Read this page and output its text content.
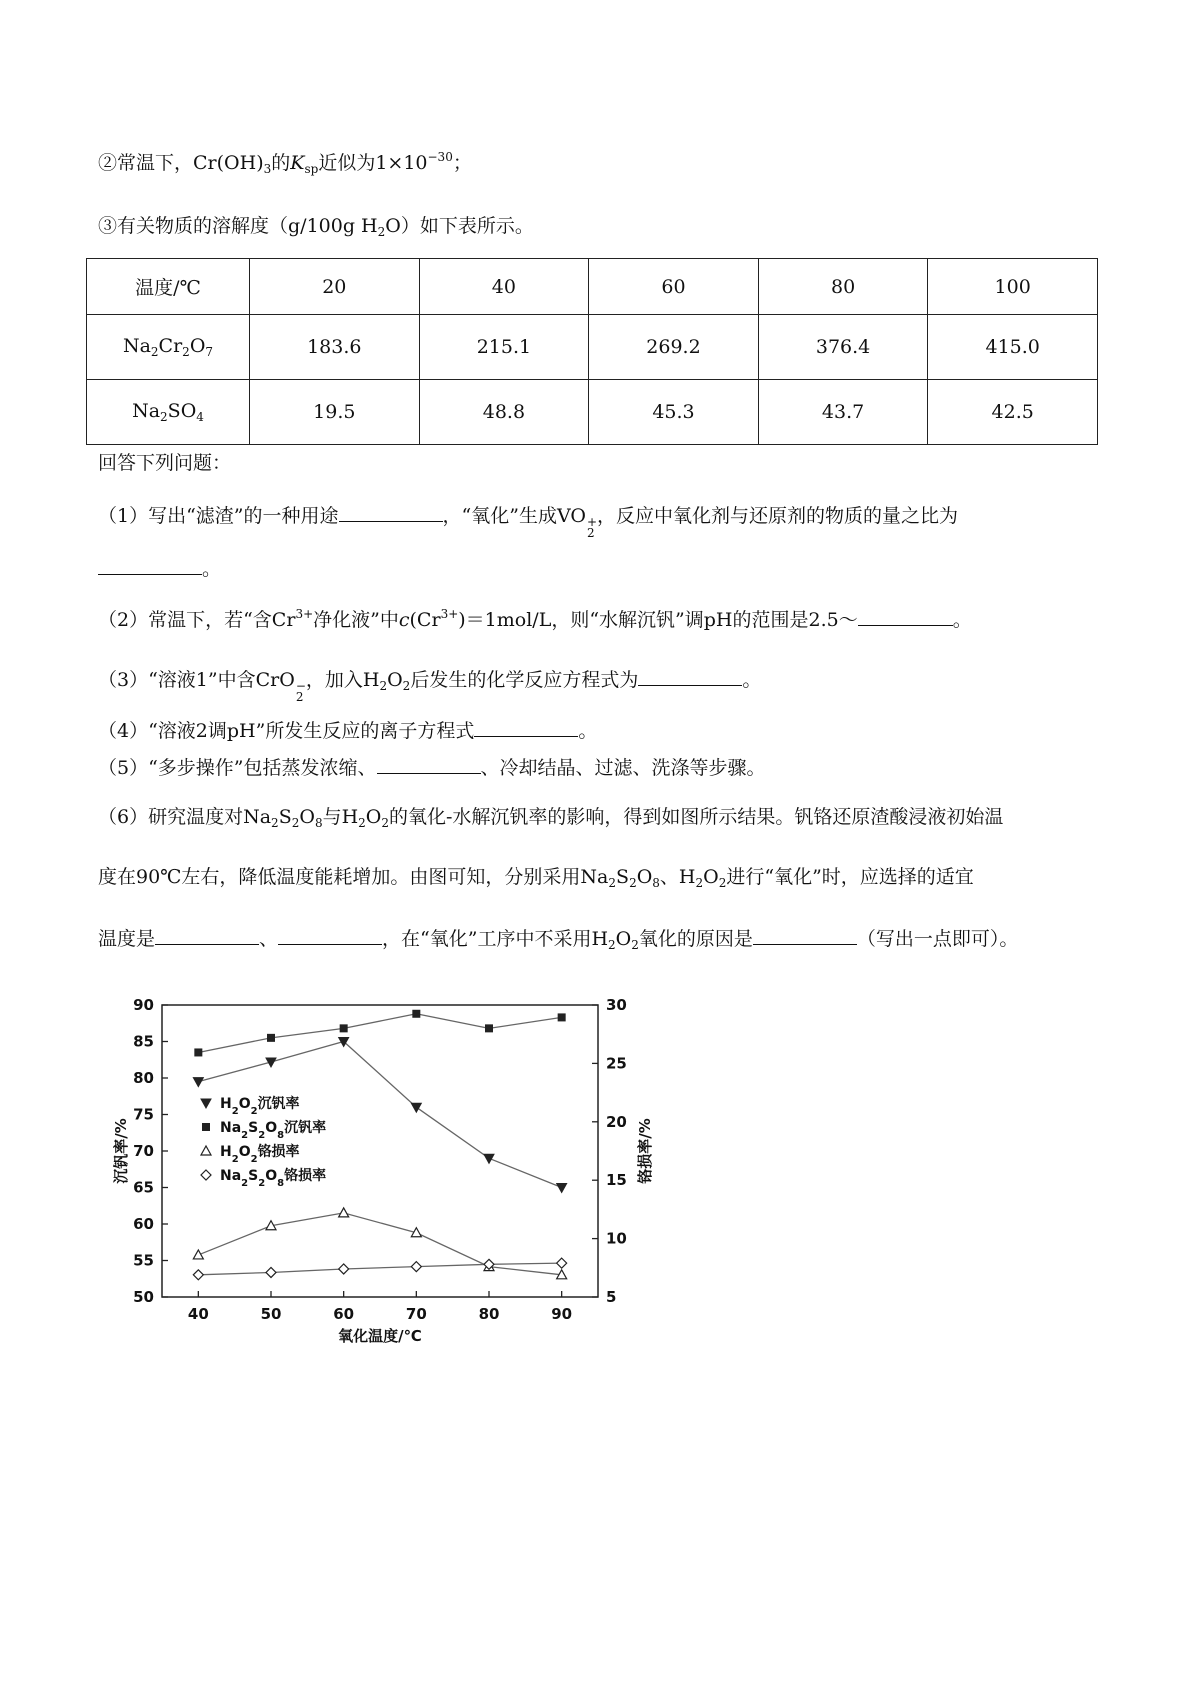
②常温下，$Cr(OH)_3$的$K_{sp}$近似为$1\times 10^{-30}$；
③有关物质的溶解度（g/100g $H_2O$）如下表所示。
温度/℃	20	40	60	80	100
$Na_2Cr_2O_7$	183.6	215.1	269.2	376.4	415.0
$Na_2SO_4$	19.5	48.8	45.3	43.7	42.5
回答下列问题：
（1）写出“滤渣”的一种用途	，“氧化”生成VO +
2
，反应中氧化剂与还原剂的物质的量之比为
。
（2）常温下，若“含$Cr^{3+}$净化液”中$c(Cr^{3+})=1mol/L$，则“水解沉钒”调pH的范围是2.5～	。
（3）“溶液1”中含CrO −
2
，加入$H_2O_2$后发生的化学反应方程式为	。
（4）“溶液2调pH”所发生反应的离子方程式	。
（5）“多步操作”包括蒸发浓缩、	、冷却结晶、过滤、洗涤等步骤。
（6）研究温度对$Na_2S_2O_8$与$H_2O_2$的氧化-水解沉钒率的影响，得到如图所示结果。钒铬还原渣酸浸液初始温
度在90℃左右，降低温度能耗增加。由图可知，分别采用$Na_2S_2O_8$、$H_2O_2$进行“氧化”时，应选择的适宜
温度是	、	，在“氧化”工序中不采用$H_2O_2$氧化的原因是	（写出一点即可）。
40	50	60	70	80	90
50
55
60
65
70
75
80
85
90
5
10
15
20
25
30
氧化温度/℃
沉钒率/%	铬损率/%
$H_2O_2$沉钒率
$Na_2S_2O_8$沉钒率
$H_2O_2$铬损率
$Na_2S_2O_8$铬损率
